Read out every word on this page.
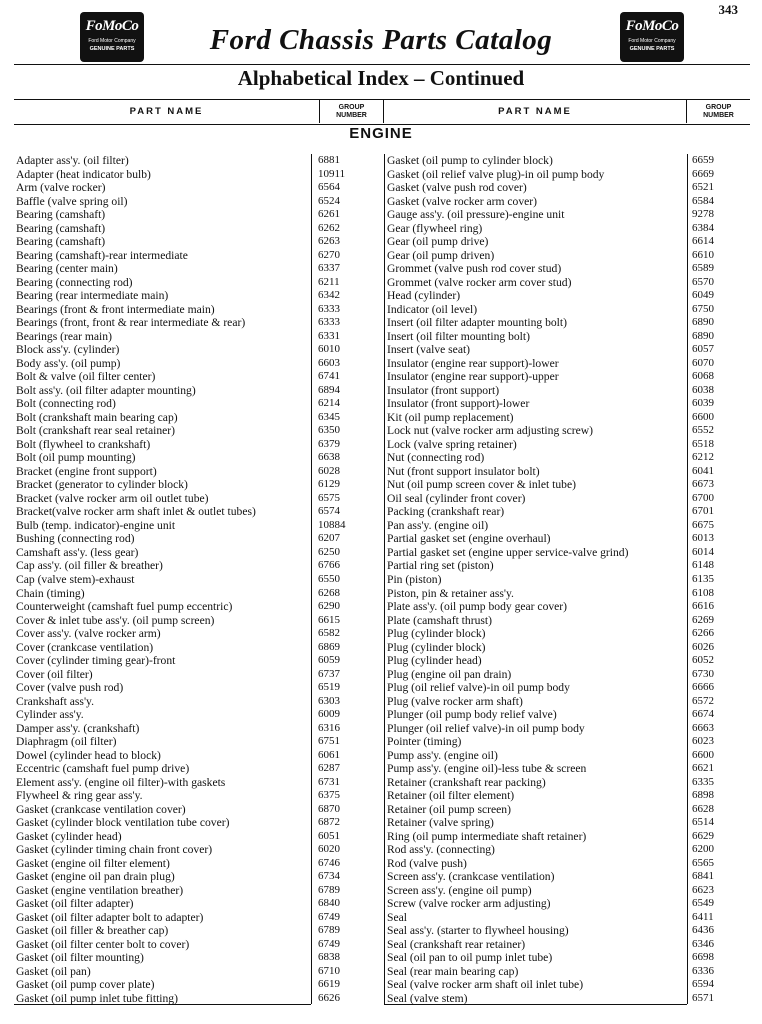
343
FoMoCo
Ford Motor Company
GENUINE PARTS
FoMoCo
Ford Motor Company
GENUINE PARTS
Ford Chassis Parts Catalog
Alphabetical Index – Continued
PART NAME	GROUP
NUMBER	PART NAME	GROUP
NUMBER
ENGINE
Adapter ass'y. (oil filter)	6881
Adapter (heat indicator bulb)	10911
Arm (valve rocker)	6564
Baffle (valve spring oil)	6524
Bearing (camshaft)	6261
Bearing (camshaft)	6262
Bearing (camshaft)	6263
Bearing (camshaft)-rear intermediate	6270
Bearing (center main)	6337
Bearing (connecting rod)	6211
Bearing (rear intermediate main)	6342
Bearings (front & front intermediate main)	6333
Bearings (front, front & rear intermediate & rear)	6333
Bearings (rear main)	6331
Block ass'y. (cylinder)	6010
Body ass'y. (oil pump)	6603
Bolt & valve (oil filter center)	6741
Bolt ass'y. (oil filter adapter mounting)	6894
Bolt (connecting rod)	6214
Bolt (crankshaft main bearing cap)	6345
Bolt (crankshaft rear seal retainer)	6350
Bolt (flywheel to crankshaft)	6379
Bolt (oil pump mounting)	6638
Bracket (engine front support)	6028
Bracket (generator to cylinder block)	6129
Bracket (valve rocker arm oil outlet tube)	6575
Bracket(valve rocker arm shaft inlet & outlet tubes)	6574
Bulb (temp. indicator)-engine unit	10884
Bushing (connecting rod)	6207
Camshaft ass'y. (less gear)	6250
Cap ass'y. (oil filler & breather)	6766
Cap (valve stem)-exhaust	6550
Chain (timing)	6268
Counterweight (camshaft fuel pump eccentric)	6290
Cover & inlet tube ass'y. (oil pump screen)	6615
Cover ass'y. (valve rocker arm)	6582
Cover (crankcase ventilation)	6869
Cover (cylinder timing gear)-front	6059
Cover (oil filter)	6737
Cover (valve push rod)	6519
Crankshaft ass'y.	6303
Cylinder ass'y.	6009
Damper ass'y. (crankshaft)	6316
Diaphragm (oil filter)	6751
Dowel (cylinder head to block)	6061
Eccentric (camshaft fuel pump drive)	6287
Element ass'y. (engine oil filter)-with gaskets	6731
Flywheel & ring gear ass'y.	6375
Gasket (crankcase ventilation cover)	6870
Gasket (cylinder block ventilation tube cover)	6872
Gasket (cylinder head)	6051
Gasket (cylinder timing chain front cover)	6020
Gasket (engine oil filter element)	6746
Gasket (engine oil pan drain plug)	6734
Gasket (engine ventilation breather)	6789
Gasket (oil filter adapter)	6840
Gasket (oil filter adapter bolt to adapter)	6749
Gasket (oil filler & breather cap)	6789
Gasket (oil filter center bolt to cover)	6749
Gasket (oil filter mounting)	6838
Gasket (oil pan)	6710
Gasket (oil pump cover plate)	6619
Gasket (oil pump inlet tube fitting)	6626
Gasket (oil pump to cylinder block)	6659
Gasket (oil relief valve plug)-in oil pump body	6669
Gasket (valve push rod cover)	6521
Gasket (valve rocker arm cover)	6584
Gauge ass'y. (oil pressure)-engine unit	9278
Gear (flywheel ring)	6384
Gear (oil pump drive)	6614
Gear (oil pump driven)	6610
Grommet (valve push rod cover stud)	6589
Grommet (valve rocker arm cover stud)	6570
Head (cylinder)	6049
Indicator (oil level)	6750
Insert (oil filter adapter mounting bolt)	6890
Insert (oil filter mounting bolt)	6890
Insert (valve seat)	6057
Insulator (engine rear support)-lower	6070
Insulator (engine rear support)-upper	6068
Insulator (front support)	6038
Insulator (front support)-lower	6039
Kit (oil pump replacement)	6600
Lock nut (valve rocker arm adjusting screw)	6552
Lock (valve spring retainer)	6518
Nut (connecting rod)	6212
Nut (front support insulator bolt)	6041
Nut (oil pump screen cover & inlet tube)	6673
Oil seal (cylinder front cover)	6700
Packing (crankshaft rear)	6701
Pan ass'y. (engine oil)	6675
Partial gasket set (engine overhaul)	6013
Partial gasket set (engine upper service-valve grind)	6014
Partial ring set (piston)	6148
Pin (piston)	6135
Piston, pin & retainer ass'y.	6108
Plate ass'y. (oil pump body gear cover)	6616
Plate (camshaft thrust)	6269
Plug (cylinder block)	6266
Plug (cylinder block)	6026
Plug (cylinder head)	6052
Plug (engine oil pan drain)	6730
Plug (oil relief valve)-in oil pump body	6666
Plug (valve rocker arm shaft)	6572
Plunger (oil pump body relief valve)	6674
Plunger (oil relief valve)-in oil pump body	6663
Pointer (timing)	6023
Pump ass'y. (engine oil)	6600
Pump ass'y. (engine oil)-less tube & screen	6621
Retainer (crankshaft rear packing)	6335
Retainer (oil filter element)	6898
Retainer (oil pump screen)	6628
Retainer (valve spring)	6514
Ring (oil pump intermediate shaft retainer)	6629
Rod ass'y. (connecting)	6200
Rod (valve push)	6565
Screen ass'y. (crankcase ventilation)	6841
Screen ass'y. (engine oil pump)	6623
Screw (valve rocker arm adjusting)	6549
Seal	6411
Seal ass'y. (starter to flywheel housing)	6436
Seal (crankshaft rear retainer)	6346
Seal (oil pan to oil pump inlet tube)	6698
Seal (rear main bearing cap)	6336
Seal (valve rocker arm shaft oil inlet tube)	6594
Seal (valve stem)	6571
